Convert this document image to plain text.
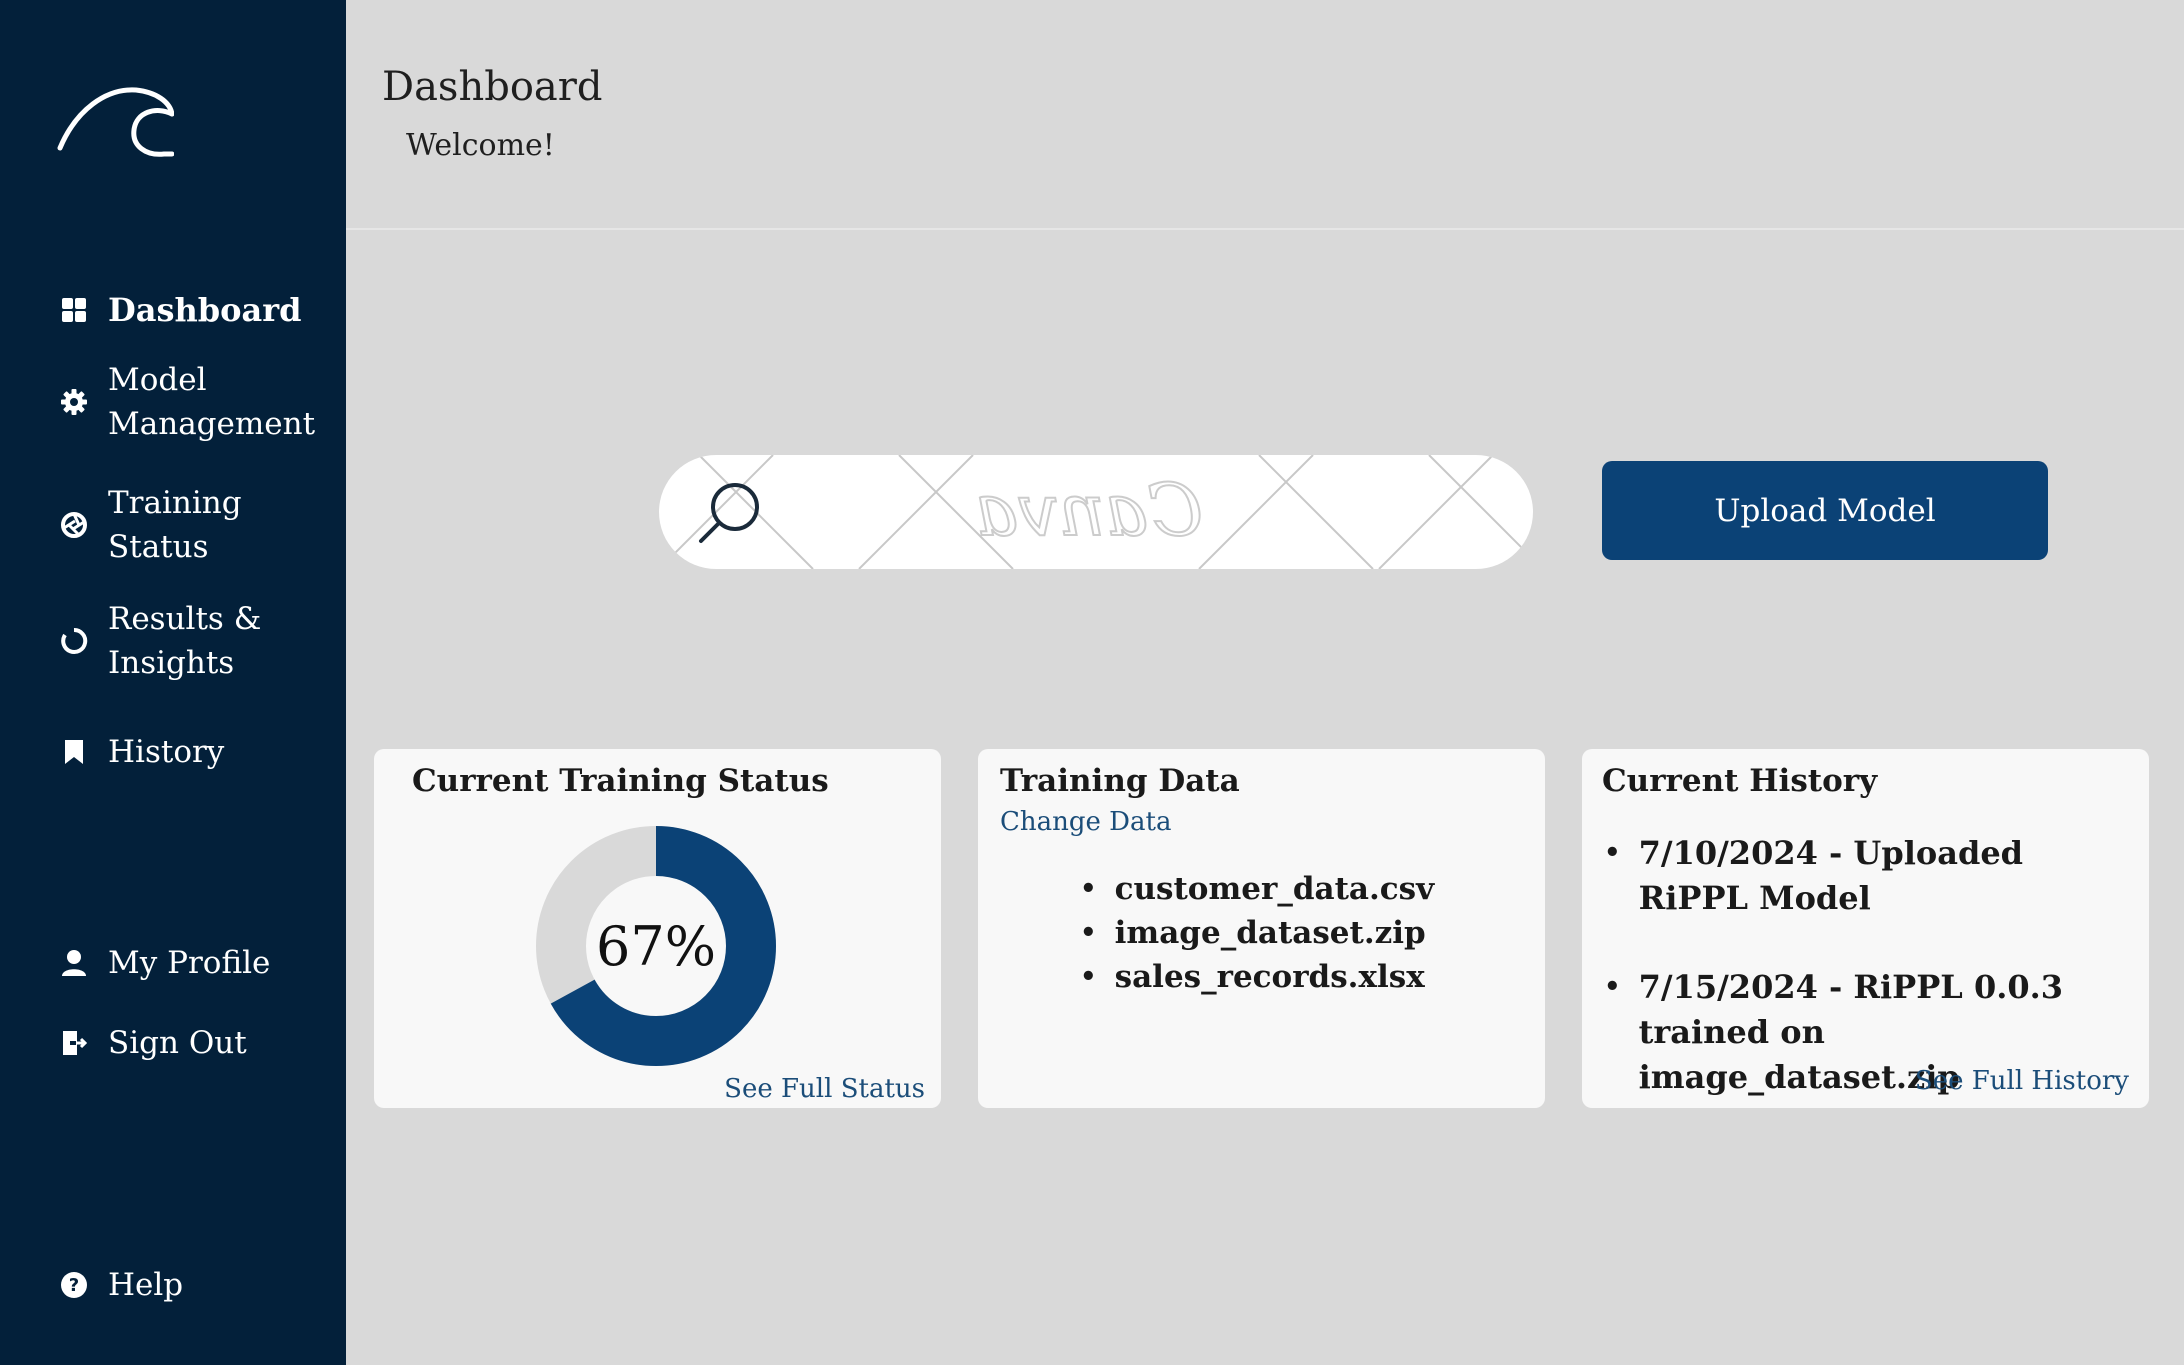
Dashboard
Model Management
Training Status
Results & Insights
History
My Profile
Sign Out
? Help
Dashboard
Welcome!
Canva	Upload Model
Current Training Status
67%
See Full Status
Training Data
Change Data
• customer_data.csv
• image_dataset.zip
• sales_records.xlsx
Current History
• 7/10/2024 - Uploaded RiPPL Model
• 7/15/2024 - RiPPL 0.0.3 trained on image_dataset.zip
See Full History
